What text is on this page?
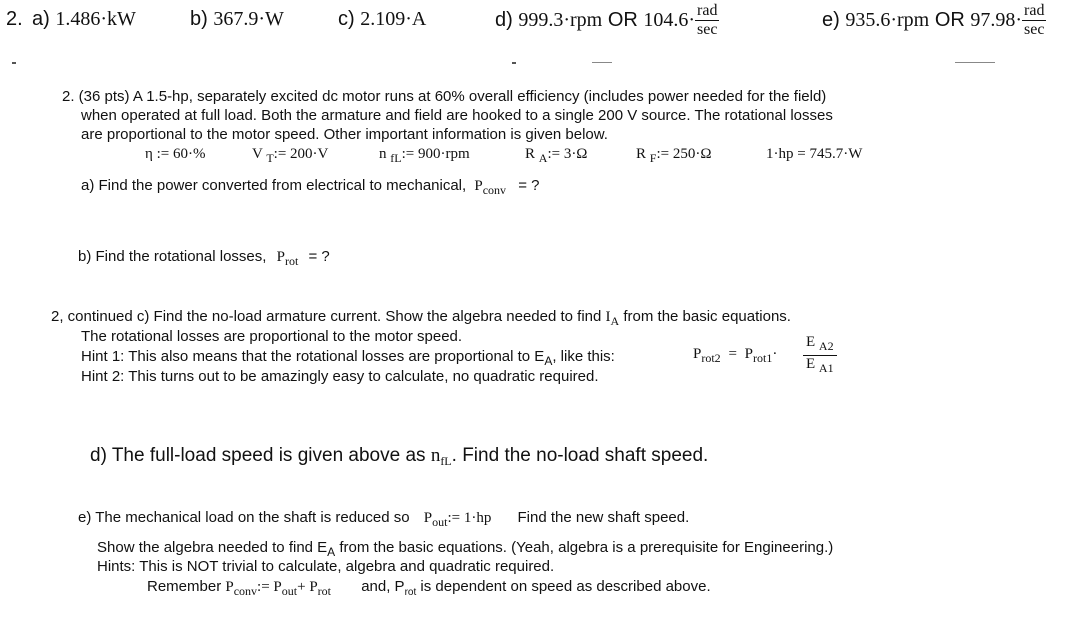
2. a) 1.486·kW	b) 367.9·W	c) 2.109·A	d) 999.3·rpm OR $104.6\cdot \frac{\text{rad}}{\sec}$	e) 935.6·rpm OR $97.98\cdot \frac{\text{rad}}{\sec}$
2. (36 pts) A 1.5-hp, separately excited dc motor runs at 60% overall efficiency (includes power needed for the field)
when operated at full load. Both the armature and field are hooked to a single 200 V source. The rotational losses
are proportional to the motor speed. Other important information is given below.
η := 60·%	V $_T$:= 200·V	n $_{fL}$:= 900·rpm	R $_A$:= 3·Ω	R $_F$:= 250·Ω	1·hp = 745.7·W
a) Find the power converted from electrical to mechanical, $P_{conv}$ = ?
b) Find the rotational losses, $P_{rot}$ = ?
2, continued c) Find the no-load armature current. Show the algebra needed to find $I_A$ from the basic equations.
The rotational losses are proportional to the motor speed.
Hint 1: This also means that the rotational losses are proportional to $E_A$, like this:
Hint 2: This turns out to be amazingly easy to calculate, no quadratic required.
$P_{rot2} = P_{rot1}\cdot \frac{E _{A2}}{E _{A1}}$
d) The full-load speed is given above as $n_{fL}$. Find the no-load shaft speed.
e) The mechanical load on the shaft is reduced so $P_{out}:= 1\cdot hp$ Find the new shaft speed.
Show the algebra needed to find $E_A$ from the basic equations. (Yeah, algebra is a prerequisite for Engineering.)
Hints: This is NOT trivial to calculate, algebra and quadratic required.
Remember $P_{conv}:= P_{out}+ P_{rot}$ and, $P_{rot}$ is dependent on speed as described above.
